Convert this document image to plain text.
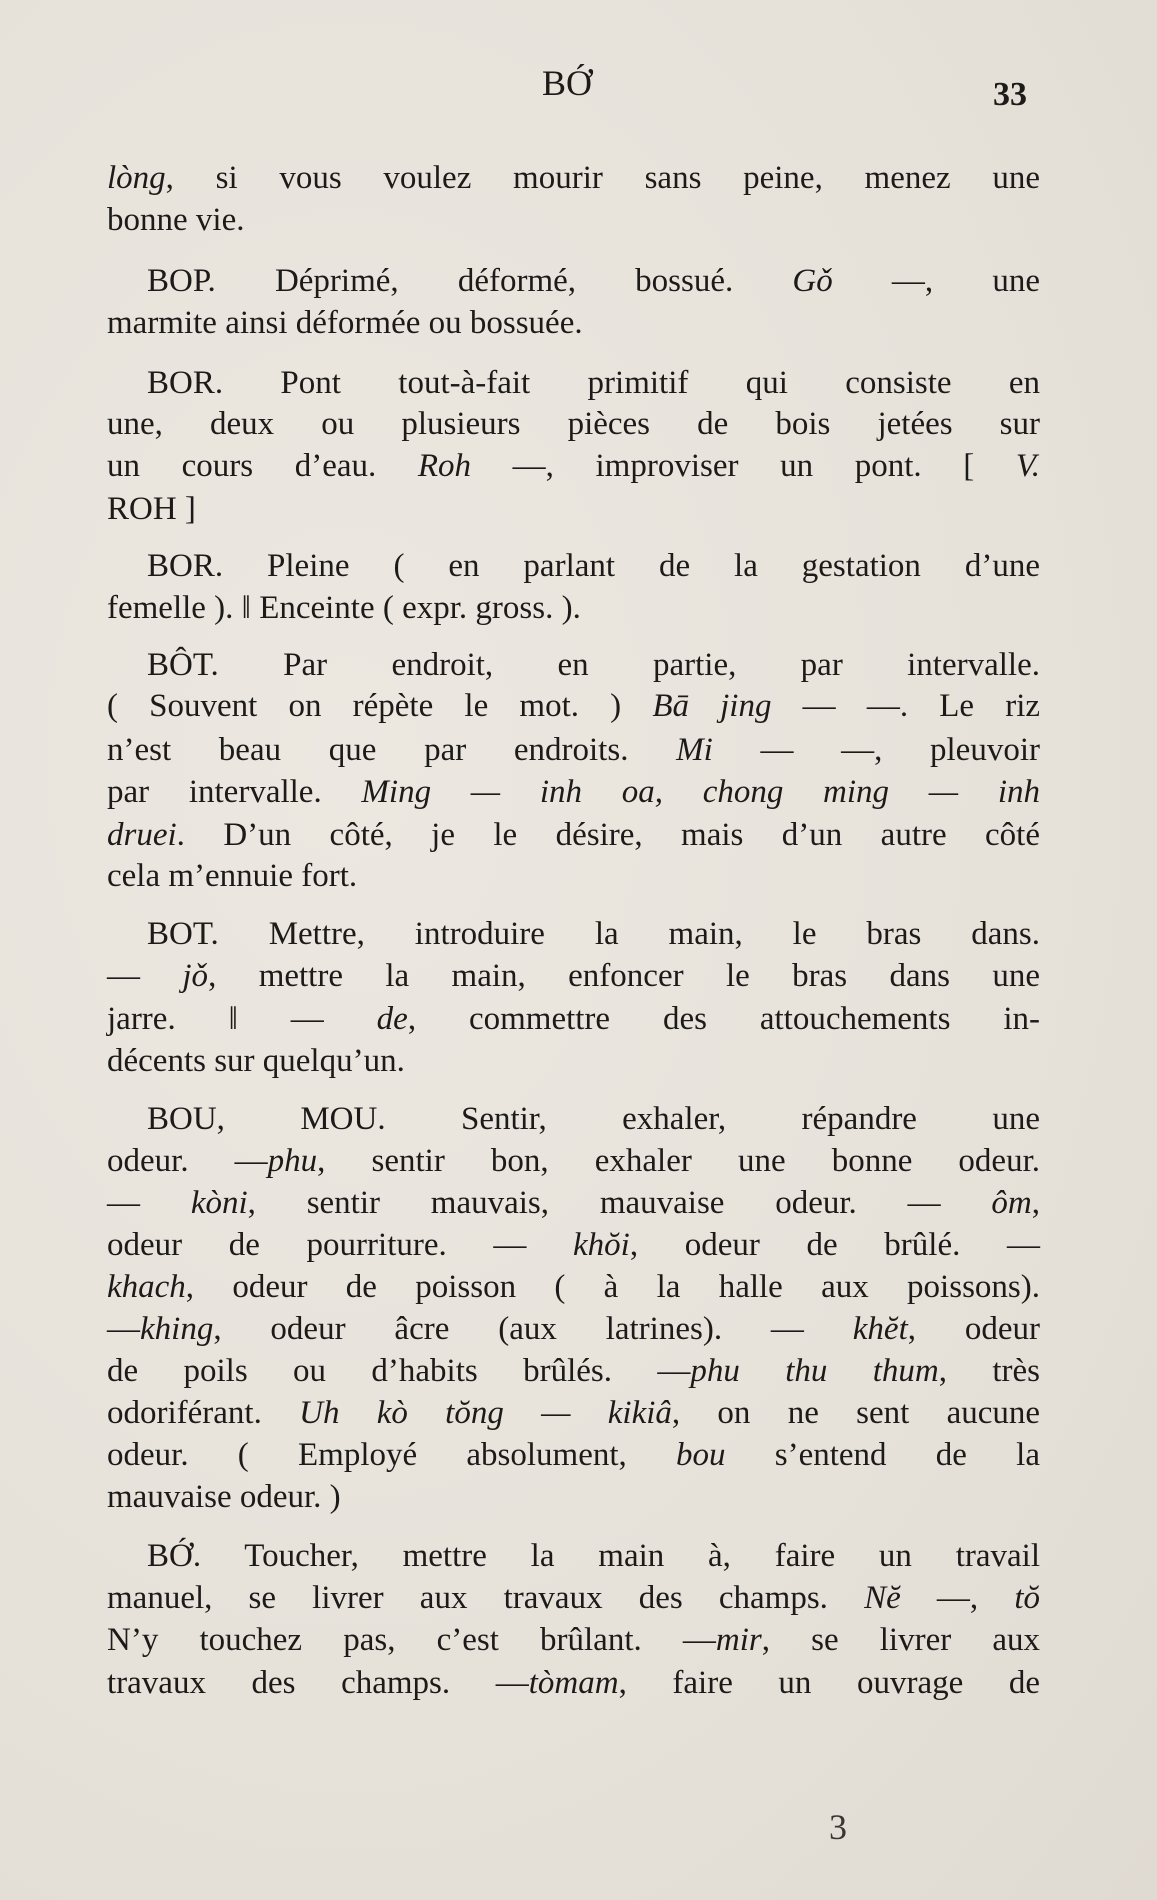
BỚ	33
lòng, si vous voulez mourir sans peine, menez une
bonne vie.
BOP. Déprimé, déformé, bossué. Gǒ —, une
marmite ainsi déformée ou bossuée.
BOR. Pont tout-à-fait primitif qui consiste en
une, deux ou plusieurs pièces de bois jetées sur
un cours d’eau. Roh —, improviser un pont. [ V.
ROH ]
BOR. Pleine ( en parlant de la gestation d’une
femelle ). ‖ Enceinte ( expr. gross. ).
BÔT. Par endroit, en partie, par intervalle.
( Souvent on répète le mot. ) Bā jing — —. Le riz
n’est beau que par endroits. Mi — —, pleuvoir
par intervalle. Ming — inh oa, chong ming — inh
druei. D’un côté, je le désire, mais d’un autre côté
cela m’ennuie fort.
BOT. Mettre, introduire la main, le bras dans.
— jǒ, mettre la main, enfoncer le bras dans une
jarre. ‖ — de, commettre des attouchements in-
décents sur quelqu’un.
BOU, MOU. Sentir, exhaler, répandre une
odeur. —phu, sentir bon, exhaler une bonne odeur.
— kòni, sentir mauvais, mauvaise odeur. — ôm,
odeur de pourriture. — khŏi, odeur de brûlé. —
khach, odeur de poisson ( à la halle aux poissons).
—khing, odeur âcre (aux latrines). — khĕt, odeur
de poils ou d’habits brûlés. —phu thu thum, très
odoriférant. Uh kò tŏng — kikiâ, on ne sent aucune
odeur. ( Employé absolument, bou s’entend de la
mauvaise odeur. )
BỚ. Toucher, mettre la main à, faire un travail
manuel, se livrer aux travaux des champs. Nĕ —, tŏ
N’y touchez pas, c’est brûlant. —mir, se livrer aux
travaux des champs. —tòmam, faire un ouvrage de
3
